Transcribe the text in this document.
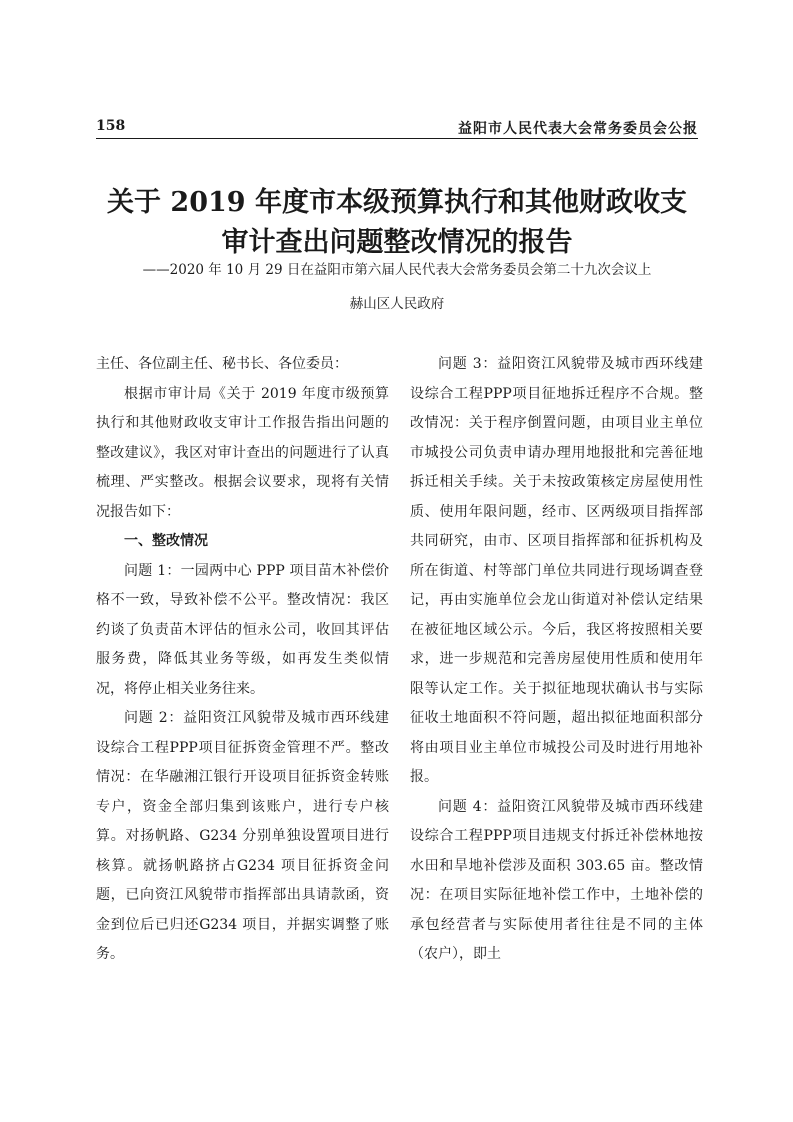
158	益阳市人民代表大会常务委员会公报
关于 2019 年度市本级预算执行和其他财政收支
审计查出问题整改情况的报告
——2020 年 10 月 29 日在益阳市第六届人民代表大会常务委员会第二十九次会议上
赫山区人民政府

主任、各位副主任、秘书长、各位委员：

根据市审计局《关于 2019 年度市级预算执行和其他财政收支审计工作报告指出问题的整改建议》，我区对审计查出的问题进行了认真梳理、严实整改。根据会议要求，现将有关情况报告如下：

一、整改情况

问题 1：一园两中心 PPP 项目苗木补偿价格不一致，导致补偿不公平。整改情况：我区约谈了负责苗木评估的恒永公司，收回其评估服务费，降低其业务等级，如再发生类似情况，将停止相关业务往来。

问题 2：益阳资江风貌带及城市西环线建设综合工程PPP项目征拆资金管理不严。整改情况：在华融湘江银行开设项目征拆资金转账专户，资金全部归集到该账户，进行专户核算。对扬帆路、G234 分别单独设置项目进行核算。就扬帆路挤占G234 项目征拆资金问题，已向资江风貌带市指挥部出具请款函，资金到位后已归还G234 项目，并据实调整了账务。

问题 3：益阳资江风貌带及城市西环线建设综合工程PPP项目征地拆迁程序不合规。整改情况：关于程序倒置问题，由项目业主单位市城投公司负责申请办理用地报批和完善征地拆迁相关手续。关于未按政策核定房屋使用性质、使用年限问题，经市、区两级项目指挥部共同研究，由市、区项目指挥部和征拆机构及所在街道、村等部门单位共同进行现场调查登记，再由实施单位会龙山街道对补偿认定结果在被征地区域公示。今后，我区将按照相关要求，进一步规范和完善房屋使用性质和使用年限等认定工作。关于拟征地现状确认书与实际征收土地面积不符问题，超出拟征地面积部分将由项目业主单位市城投公司及时进行用地补报。

问题 4：益阳资江风貌带及城市西环线建设综合工程PPP项目违规支付拆迁补偿林地按水田和旱地补偿涉及面积 303.65 亩。整改情况：在项目实际征地补偿工作中，土地补偿的承包经营者与实际使用者往往是不同的主体（农户），即土
